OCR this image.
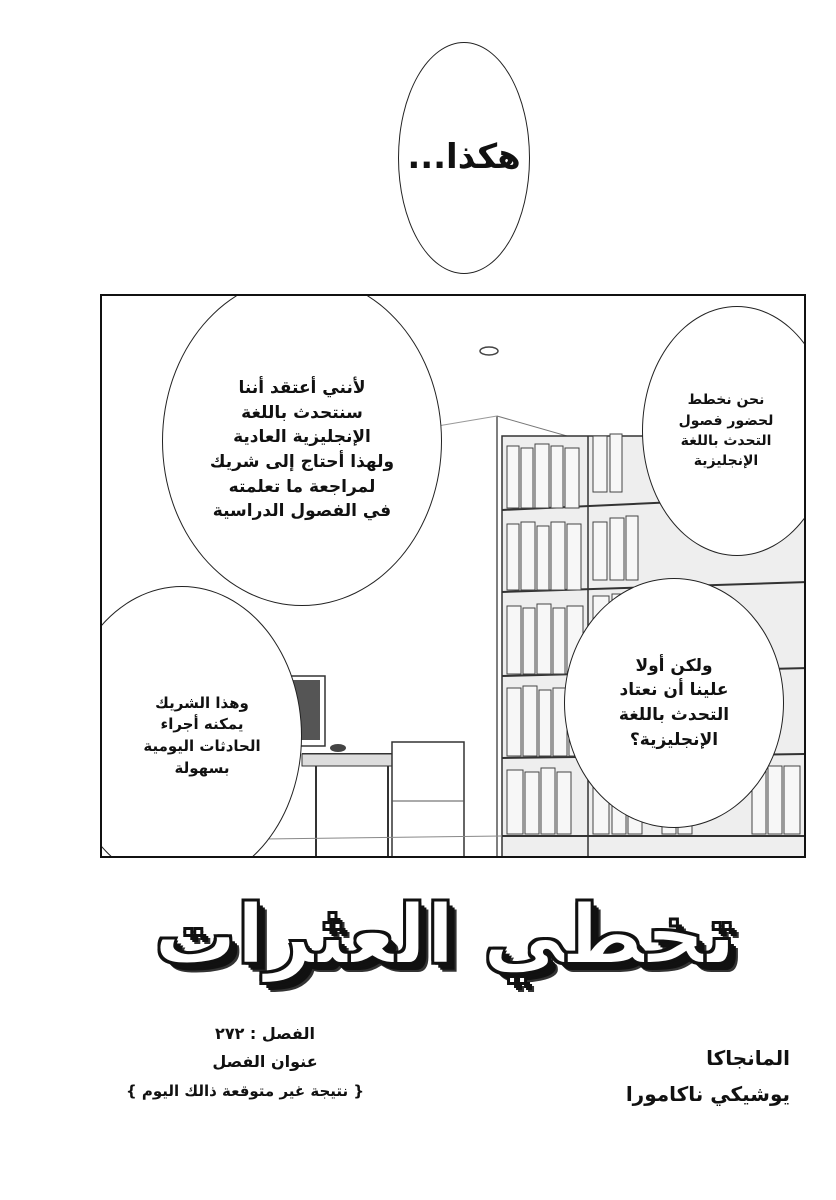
هكذا...
لأنني أعتقد أننا
سنتحدث باللغة
الإنجليزية العادية
ولهذا أحتاج إلى شريك
لمراجعة ما تعلمته
في الفصول الدراسية
نحن نخطط
لحضور فصول
التحدث باللغة
الإنجليزية
وهذا الشريك
يمكنه أجراء
الحادثات اليومية
بسهولة
ولكن أولا
علينا أن نعتاد
التحدث باللغة
الإنجليزية؟
تخطي العثرات
الفصل : ٢٧٢
عنوان الفصل
{ نتيجة غير متوقعة ذالك اليوم }
المانجاكا
يوشيكي ناكامورا
